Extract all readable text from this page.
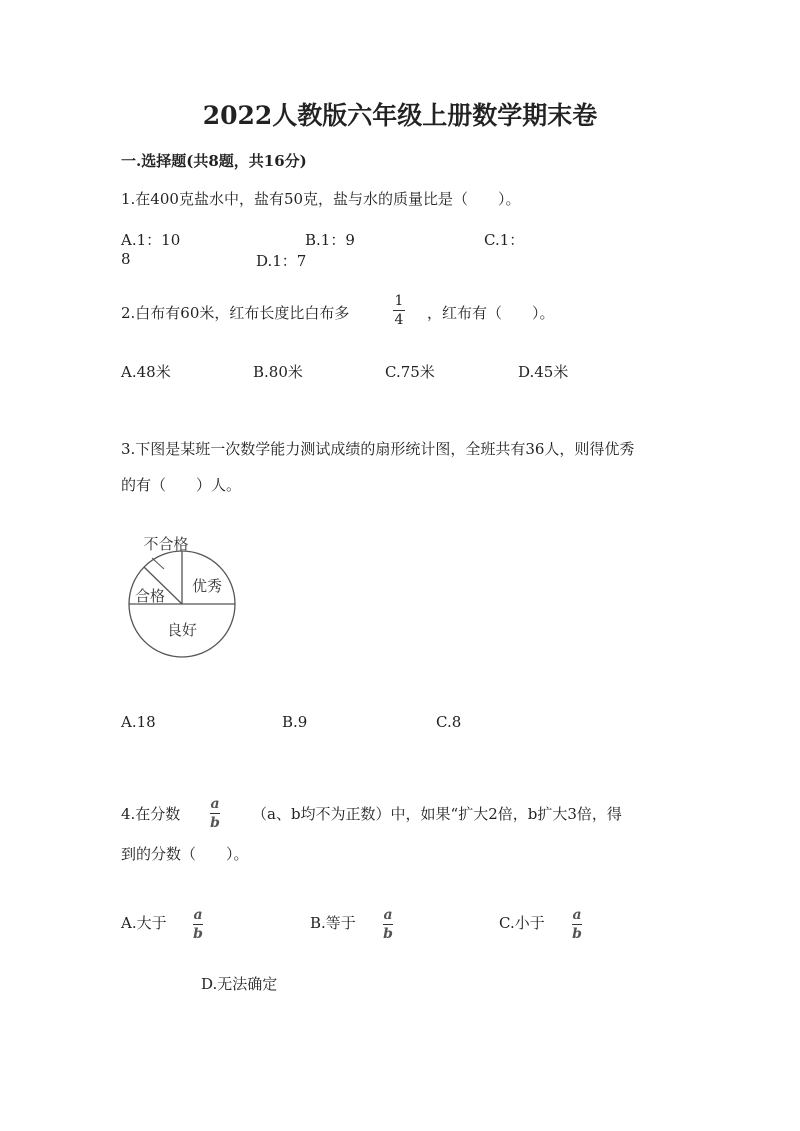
2022人教版六年级上册数学期末卷
一.选择题(共8题，共16分)
1.在400克盐水中，盐有50克，盐与水的质量比是（　　）。
A.1：10	B.1：9	C.1：
8	D.1：7
2.白布有60米，红布长度比白布多
1
4 ，红布有（　　）。
A.48米	B.80米	C.75米	D.45米
3.下图是某班一次数学能力测试成绩的扇形统计图，全班共有36人，则得优秀
的有（　　）人。
不合格
合格
优秀
良好
A.18	B.9	C.8
4.在分数
a
b （a、b均不为正数）中，如果“扩大2倍，b扩大3倍，得
到的分数（　　）。
A.大于 a
b
B.等于 a
b
C.小于 a
b
D.无法确定
